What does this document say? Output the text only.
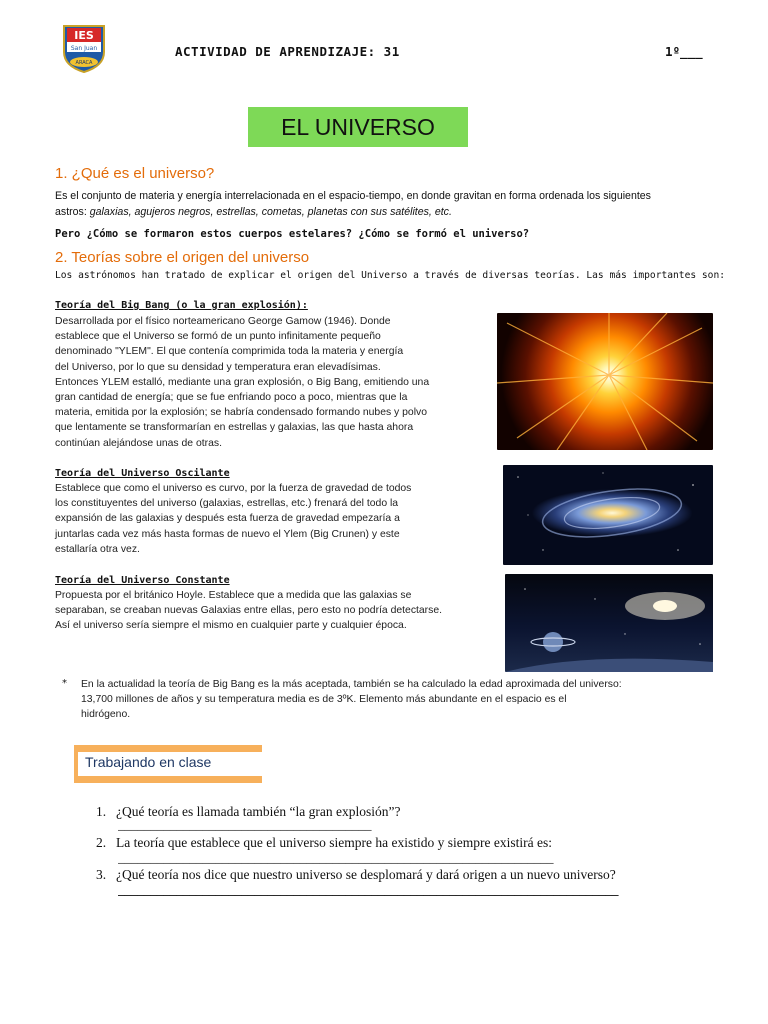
IES
San Juan
ARACA
ACTIVIDAD DE APRENDIZAJE: 31	1º___
EL UNIVERSO
1. ¿Qué es el universo?
Es el conjunto de materia y energía interrelacionada en el espacio-tiempo, en donde gravitan en forma ordenada los siguientes
astros: galaxias, agujeros negros, estrellas, cometas, planetas con sus satélites, etc.
Pero ¿Cómo se formaron estos cuerpos estelares? ¿Cómo se formó el universo?
2. Teorías sobre el origen del universo
Los astrónomos han tratado de explicar el origen del Universo a través de diversas teorías. Las más importantes son:
Teoría del Big Bang (o la gran explosión):
Desarrollada por el físico norteamericano George Gamow (1946). Donde
establece que el Universo se formó de un punto infinitamente pequeño
denominado "YLEM". El que contenía comprimida toda la materia y energía
del Universo, por lo que su densidad y temperatura eran elevadísimas.
Entonces YLEM estalló, mediante una gran explosión, o Big Bang, emitiendo una
gran cantidad de energía; que se fue enfriando poco a poco, mientras que la
materia, emitida por la explosión; se habría condensado formando nubes y polvo
que lentamente se transformarían en estrellas y galaxias, las que hasta ahora
continúan alejándose unas de otras.
Teoría del Universo Oscilante
Establece que como el universo es curvo, por la fuerza de gravedad de todos
los constituyentes del universo (galaxias, estrellas, etc.) frenará del todo la
expansión de las galaxias y después esta fuerza de gravedad empezaría a
juntarlas cada vez más hasta formas de nuevo el Ylem (Big Crunen) y este
estallaría otra vez.
Teoría del Universo Constante
Propuesta por el británico Hoyle. Establece que a medida que las galaxias se
separaban, se creaban nuevas Galaxias entre ellas, pero esto no podría detectarse.
Así el universo sería siempre el mismo en cualquier parte y cualquier época.
* En la actualidad la teoría de Big Bang es la más aceptada, también se ha calculado la edad aproximada del universo:
13,700 millones de años y su temperatura media es de 3ºK. Elemento más abundante en el espacio es el
hidrógeno.
Trabajando en clase
1. ¿Qué teoría es llamada también “la gran explosión”?
_______________________________________
2. La teoría que establece que el universo siempre ha existido y siempre existirá es:
___________________________________________________________________
3. ¿Qué teoría nos dice que nuestro universo se desplomará y dará origen a un nuevo universo?
_____________________________________________________________________________
